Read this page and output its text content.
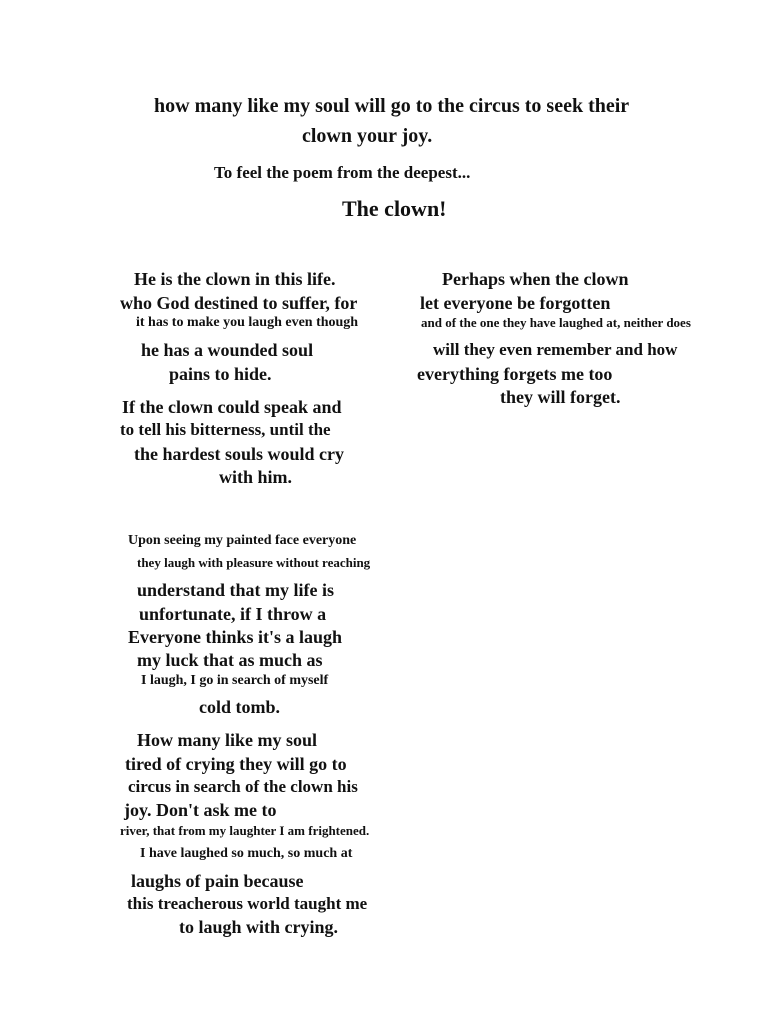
how many like my soul will go to the circus to seek their
clown your joy.
To feel the poem from the deepest...
The clown!
He is the clown in this life.
who God destined to suffer, for
it has to make you laugh even though
he has a wounded soul
pains to hide.
If the clown could speak and
to tell his bitterness, until the
the hardest souls would cry
with him.
Perhaps when the clown
let everyone be forgotten
and of the one they have laughed at, neither does
will they even remember and how
everything forgets me too
they will forget.
Upon seeing my painted face everyone
they laugh with pleasure without reaching
understand that my life is
unfortunate, if I throw a
Everyone thinks it's a laugh
my luck that as much as
I laugh, I go in search of myself
cold tomb.
How many like my soul
tired of crying they will go to
circus in search of the clown his
joy. Don't ask me to
river, that from my laughter I am frightened.
I have laughed so much, so much at
laughs of pain because
this treacherous world taught me
to laugh with crying.
